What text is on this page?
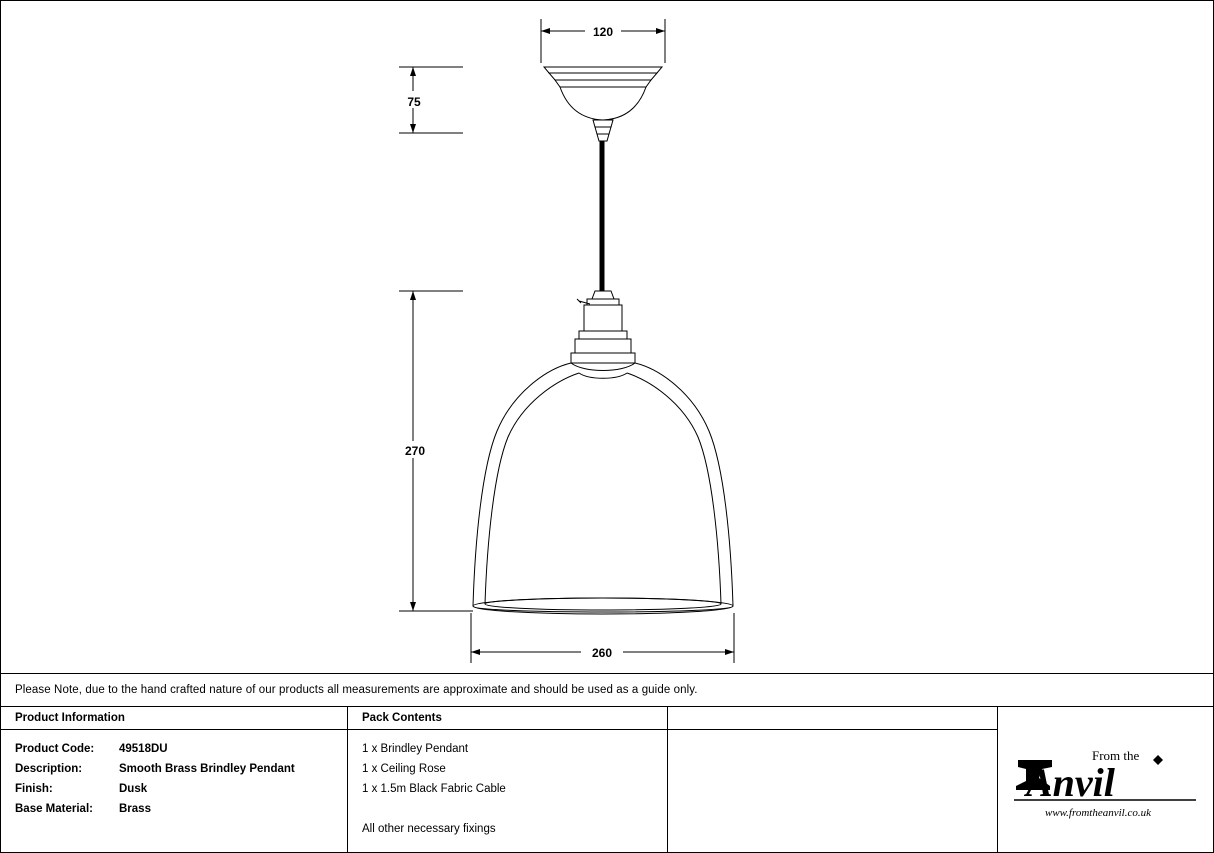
120
75
270
260
Please Note, due to the hand crafted nature of our products all measurements are approximate and should be used as a guide only.
Product Information
Product Code:	49518DU
Description:	Smooth Brass Brindley Pendant
Finish:	Dusk
Base Material:	Brass
Pack Contents
1 x Brindley Pendant
1 x Ceiling Rose
1 x 1.5m Black Fabric Cable
All other necessary fixings
From the
Anvil
www.fromtheanvil.co.uk
